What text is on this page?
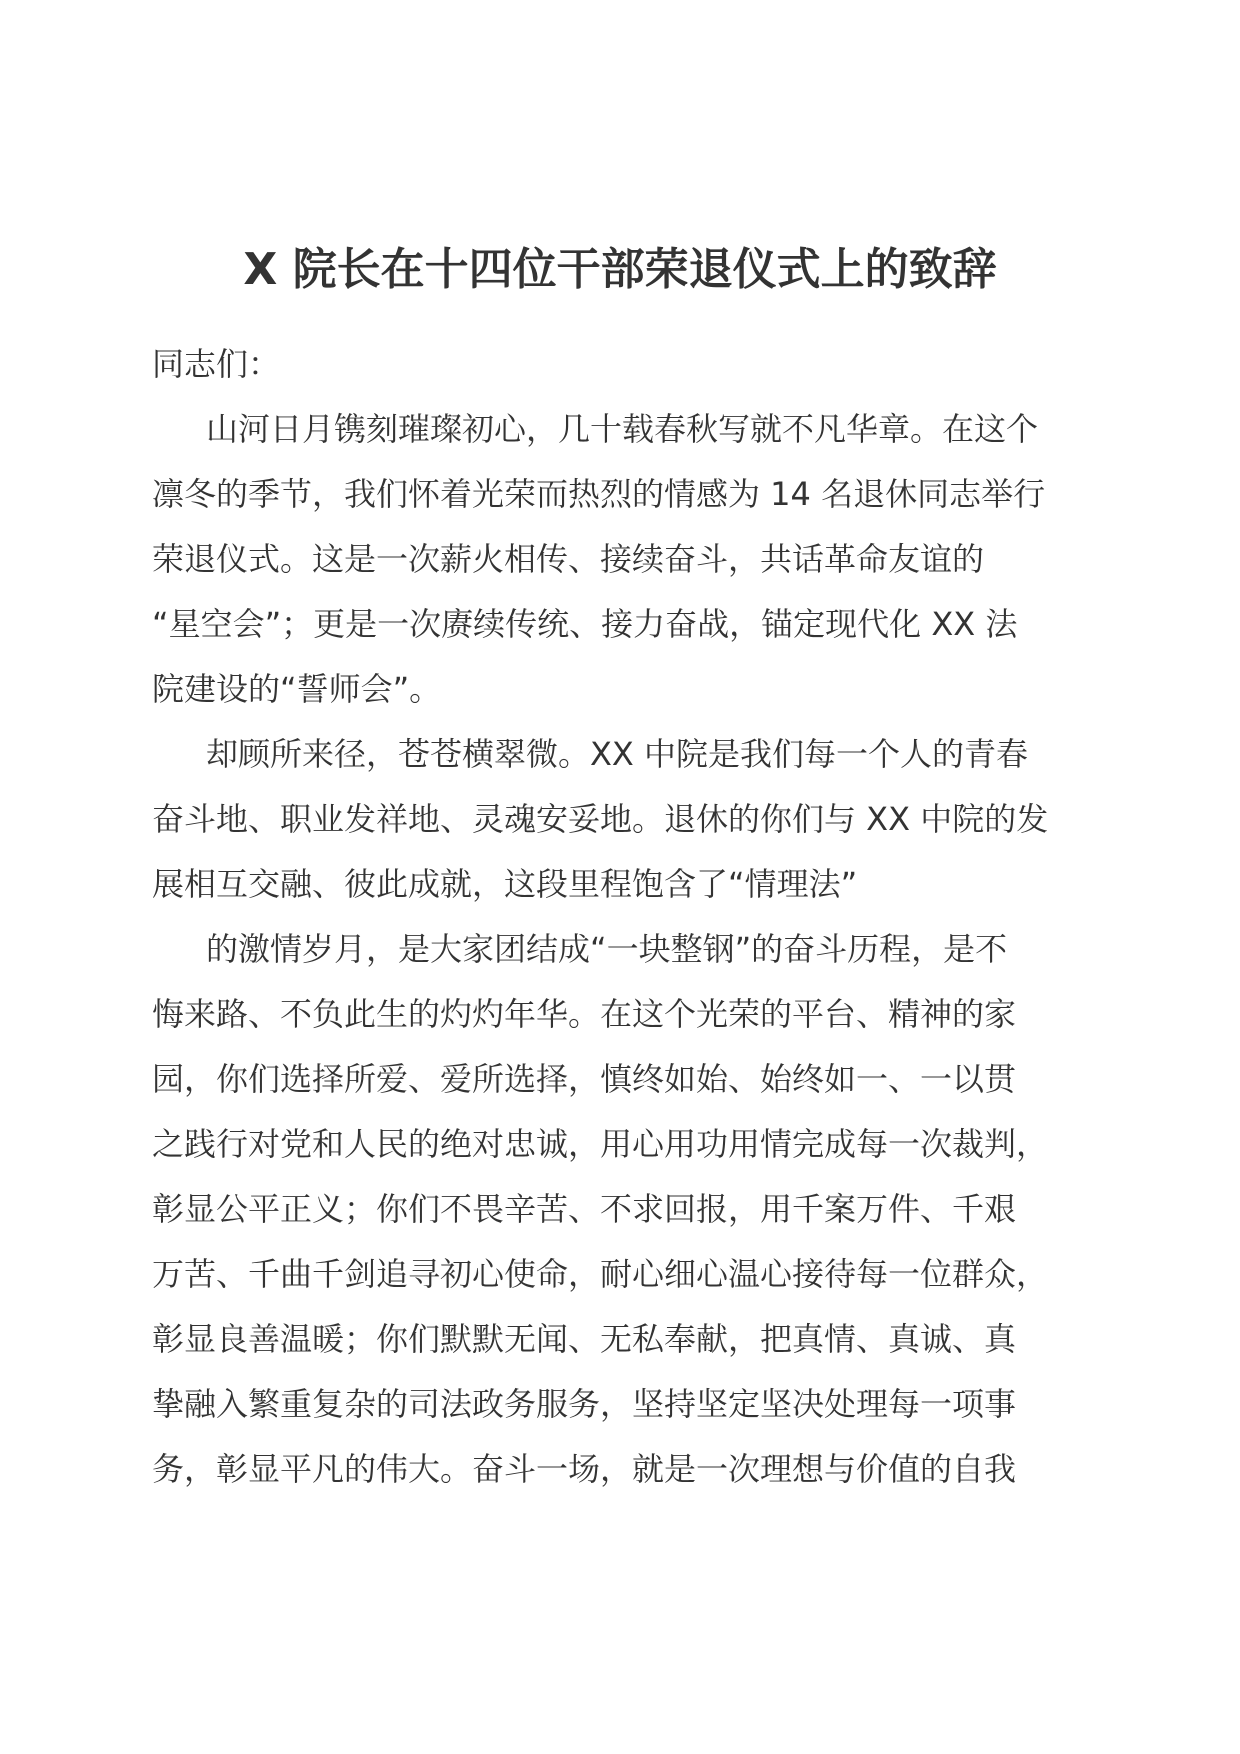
X 院长在十四位干部荣退仪式上的致辞

同志们：

山河日月镌刻璀璨初心，几十载春秋写就不凡华章。在这个
凛冬的季节，我们怀着光荣而热烈的情感为 14 名退休同志举行
荣退仪式。这是一次薪火相传、接续奋斗，共话革命友谊的
“星空会”；更是一次赓续传统、接力奋战，锚定现代化 XX 法
院建设的“誓师会”。

却顾所来径，苍苍横翠微。XX 中院是我们每一个人的青春
奋斗地、职业发祥地、灵魂安妥地。退休的你们与 XX 中院的发
展相互交融、彼此成就，这段里程饱含了“情理法”

的激情岁月，是大家团结成“一块整钢”的奋斗历程，是不
悔来路、不负此生的灼灼年华。在这个光荣的平台、精神的家
园，你们选择所爱、爱所选择，慎终如始、始终如一、一以贯
之践行对党和人民的绝对忠诚，用心用功用情完成每一次裁判，
彰显公平正义；你们不畏辛苦、不求回报，用千案万件、千艰
万苦、千曲千剑追寻初心使命，耐心细心温心接待每一位群众，
彰显良善温暖；你们默默无闻、无私奉献，把真情、真诚、真
挚融入繁重复杂的司法政务服务，坚持坚定坚决处理每一项事
务，彰显平凡的伟大。奋斗一场，就是一次理想与价值的自我
